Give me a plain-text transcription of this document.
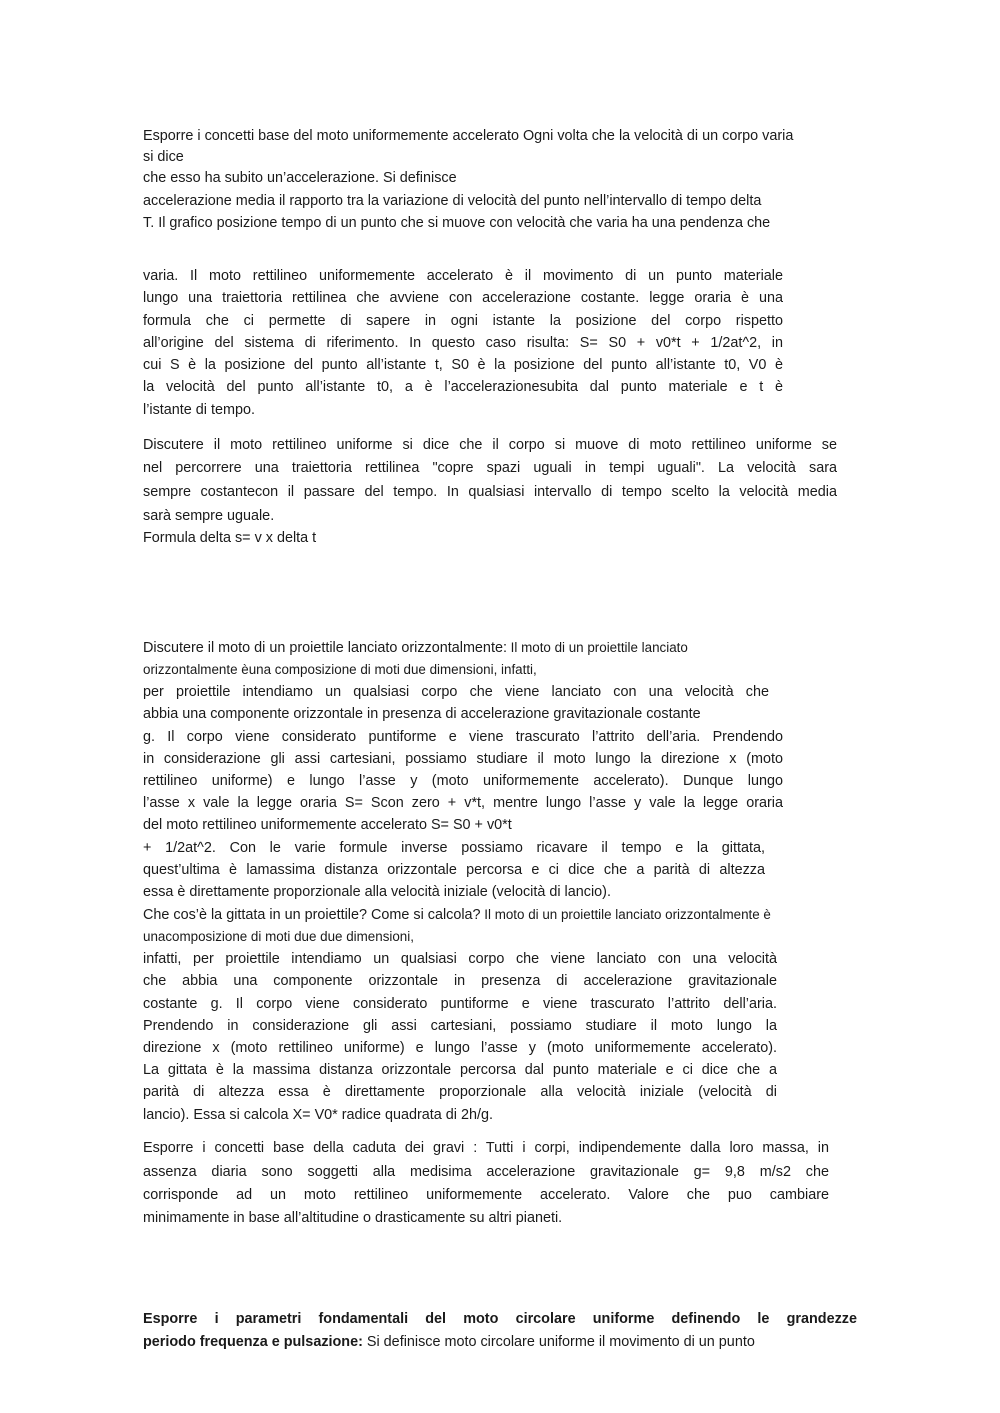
Esporre i concetti base del moto uniformemente accelerato Ogni volta che la velocità di un corpo varia

si dice

che esso ha subito un’accelerazione. Si definisce

accelerazione media il rapporto tra la variazione di velocità del punto nell’intervallo di tempo delta

T. Il grafico posizione tempo di un punto che si muove con velocità che varia ha una pendenza che

varia. Il moto rettilineo uniformemente accelerato è il movimento di un punto materiale

lungo una traiettoria rettilinea che avviene con accelerazione costante. legge oraria è una

formula che ci permette di sapere in ogni istante la posizione del corpo rispetto

all’origine del sistema di riferimento. In questo caso risulta: S= S0 + v0*t + 1/2at^2, in

cui S è la posizione del punto all’istante t, S0 è la posizione del punto all’istante t0, V0 è

la velocità del punto all’istante t0, a è l’accelerazionesubita dal punto materiale e t è

l’istante di tempo.

Discutere il moto rettilineo uniforme si dice che il corpo si muove di moto rettilineo uniforme se

nel percorrere una traiettoria rettilinea "copre spazi uguali in tempi uguali". La velocità sara

sempre costantecon il passare del tempo. In qualsiasi intervallo di tempo scelto la velocità media

sarà sempre uguale.

Formula delta s= v x delta t

Discutere il moto di un proiettile lanciato orizzontalmente: Il moto di un proiettile lanciato

orizzontalmente èuna composizione di moti due dimensioni, infatti,

per proiettile intendiamo un qualsiasi corpo che viene lanciato con una velocità che

abbia una componente orizzontale in presenza di accelerazione gravitazionale costante

g. Il corpo viene considerato puntiforme e viene trascurato l’attrito dell’aria. Prendendo

in considerazione gli assi cartesiani, possiamo studiare il moto lungo la direzione x (moto

rettilineo uniforme) e lungo l’asse y (moto uniformemente accelerato). Dunque lungo

l’asse x vale la legge oraria S= Scon zero + v*t, mentre lungo l’asse y vale la legge oraria

del moto rettilineo uniformemente accelerato S= S0 + v0*t

+ 1/2at^2. Con le varie formule inverse possiamo ricavare il tempo e la gittata,

quest’ultima è lamassima distanza orizzontale percorsa e ci dice che a parità di altezza

essa è direttamente proporzionale alla velocità iniziale (velocità di lancio).

Che cos’è la gittata in un proiettile? Come si calcola? Il moto di un proiettile lanciato orizzontalmente è

unacomposizione di moti due due dimensioni,

infatti, per proiettile intendiamo un qualsiasi corpo che viene lanciato con una velocità

che abbia una componente orizzontale in presenza di accelerazione gravitazionale

costante g. Il corpo viene considerato puntiforme e viene trascurato l’attrito dell’aria.

Prendendo in considerazione gli assi cartesiani, possiamo studiare il moto lungo la

direzione x (moto rettilineo uniforme) e lungo l’asse y (moto uniformemente accelerato).

La gittata è la massima distanza orizzontale percorsa dal punto materiale e ci dice che a

parità di altezza essa è direttamente proporzionale alla velocità iniziale (velocità di

lancio). Essa si calcola X= V0* radice quadrata di 2h/g.

Esporre i concetti base della caduta dei gravi : Tutti i corpi, indipendemente dalla loro massa, in

assenza diaria sono soggetti alla medisima accelerazione gravitazionale g= 9,8 m/s2 che

corrisponde ad un moto rettilineo uniformemente accelerato. Valore che puo cambiare

minimamente in base all’altitudine o drasticamente su altri pianeti.

Esporre i parametri fondamentali del moto circolare uniforme definendo le grandezze

periodo frequenza e pulsazione: Si definisce moto circolare uniforme il movimento di un punto
